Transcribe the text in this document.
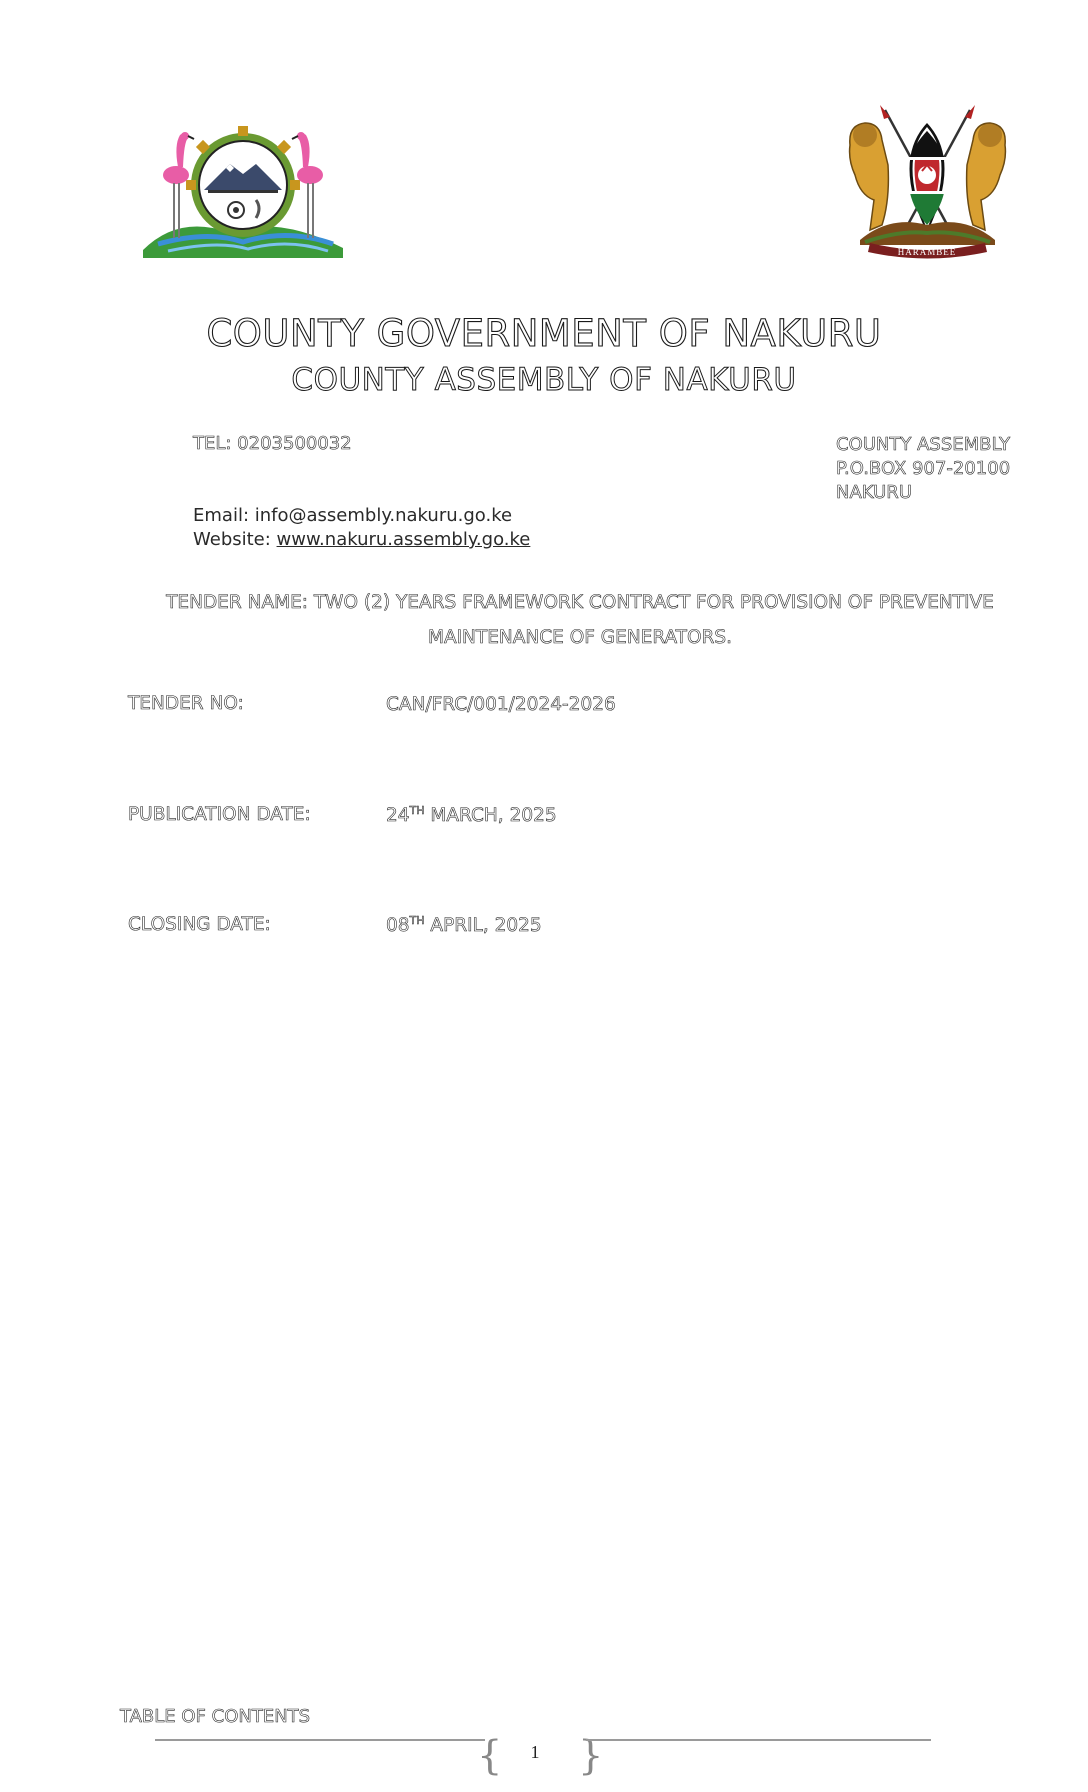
HARAMBEE
COUNTY GOVERNMENT OF NAKURU
COUNTY ASSEMBLY OF NAKURU
TEL: 0203500032	COUNTY ASSEMBLY
P.O.BOX 907-20100
NAKURU
Email: info@assembly.nakuru.go.ke
Website: www.nakuru.assembly.go.ke
TENDER NAME: TWO (2) YEARS FRAMEWORK CONTRACT FOR PROVISION OF PREVENTIVE
MAINTENANCE OF GENERATORS.
TENDER NO:	CAN/FRC/001/2024-2026
PUBLICATION DATE:	24TH MARCH, 2025
CLOSING DATE:	08TH APRIL, 2025
TABLE OF CONTENTS
{	1 }
